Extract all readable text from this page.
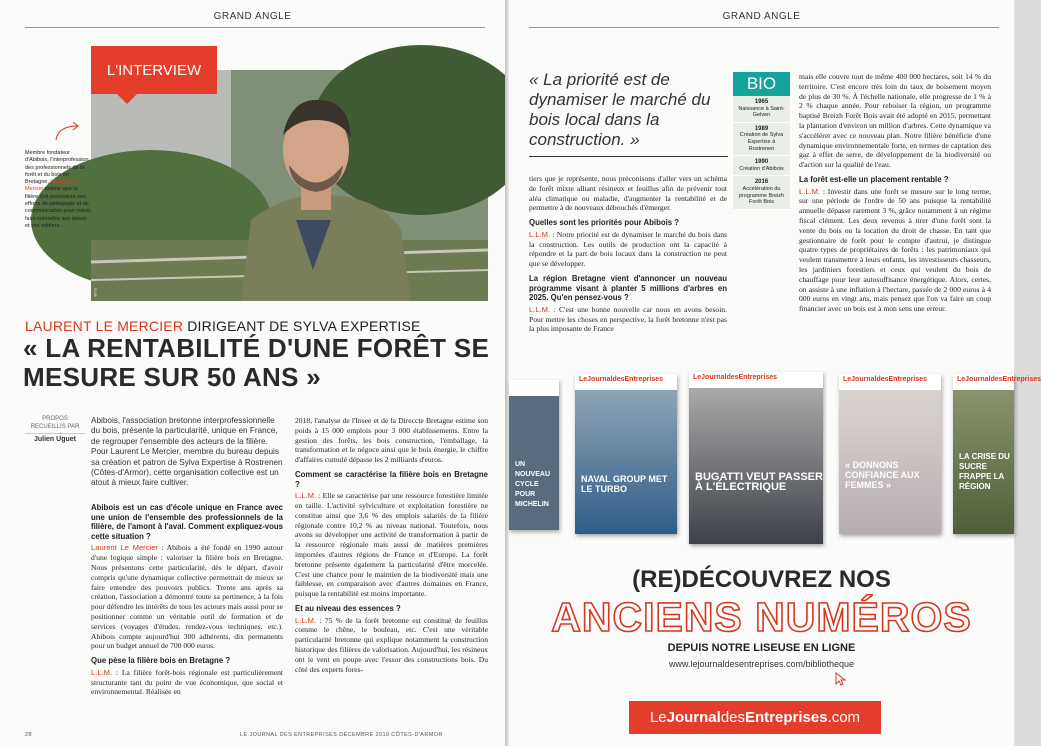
GRAND ANGLE
S.LB
L'INTERVIEW
Membre fondateur d'Abibois, l'interprofession des professionnels de la forêt et du bois en Bretagne, Laurent Le Mercier estime que la filière doit poursuivre ses efforts de pédagogie et de communication pour mieux faire connaître ses atouts et ses métiers.
LAURENT LE MERCIER DIRIGEANT DE SYLVA EXPERTISE
« LA RENTABILITÉ D'UNE FORÊT SE MESURE SUR 50 ANS »
PROPOS RECUEILLIS PAR
Julien Uguet
Abibois, l'association bretonne interprofessionnelle du bois, présente la particularité, unique en France, de regrouper l'ensemble des acteurs de la filière. Pour Laurent Le Mercier, membre du bureau depuis sa création et patron de Sylva Expertise à Rostrenen (Côtes-d'Armor), cette organisation collective est un atout à mieux faire cultiver.
Abibois est un cas d'école unique en France avec une union de l'ensemble des professionnels de la filière, de l'amont à l'aval. Comment expliquez-vous cette situation ?

Laurent Le Mercier : Abibois a été fondé en 1990 autour d'une logique simple : valoriser la filière bois en Bretagne. Nous présentons cette particularité, dès le départ, d'avoir compris qu'une dynamique collective permettrait de mieux se faire entendre des pouvoirs publics. Trente ans après sa création, l'association a démontré toute sa pertinence, à la fois pour défendre les intérêts de tous les acteurs mais aussi pour se positionner comme un véritable outil de formation et de services (voyages d'études, rendez-vous techniques, etc.). Abibois compte aujourd'hui 300 adhérents, dix permanents pour un budget annuel de 700 000 euros.

Que pèse la filière bois en Bretagne ?

L.L.M. : La filière forêt-bois régionale est particulièrement structurante tant du point de vue économique, que social et environnemental. Réalisée en

2018, l'analyse de l'Insee et de la Direccte Bretagne estime son poids à 15 000 emplois pour 3 000 établissements. Entre la gestion des forêts, les bois construction, l'emballage, la transformation et le négoce ainsi que le bois énergie, le chiffre d'affaires cumulé dépasse les 2 milliards d'euros.

Comment se caractérise la filière bois en Bretagne ?

L.L.M. : Elle se caractérise par une ressource forestière limitée en taille. L'activité sylviculture et exploitation forestière ne constitue ainsi que 3,6 % des emplois salariés de la filière régionale contre 10,2 % au niveau national. Toutefois, nous avons su développer une activité de transformation à partir de la ressource régionale mais aussi de matières premières importées d'autres régions de France et d'Europe. La forêt bretonne présente également la particularité d'être morcelée. C'est une chance pour le maintien de la biodiversité mais une faiblesse, en comparaison avec d'autres domaines en France, puisque la rentabilité est moins importante.

Et au niveau des essences ?

L.L.M. : 75 % de la forêt bretonne est constitué de feuillus comme le chêne, le bouleau, etc. C'est une véritable particularité bretonne qui explique notamment la construction historique des filières de valorisation. Aujourd'hui, les résineux ont le vent en poupe avec l'essor des constructions bois. Du côté des experts fores-

28	LE JOURNAL DES ENTREPRISES DÉCEMBRE 2019 CÔTES-D'ARMOR
GRAND ANGLE
« La priorité est de dynamiser le marché du bois local dans la construction. »
BIO
1965
Naissance à Saint-Gelven
1989
Création de Sylva Expertise à Rostrenen
1990
Création d'Abibois
2016
Accélération du programme Breizh Forêt Bois

tiers que je représente, nous préconisons d'aller vers un schéma de forêt mixte alliant résineux et feuillus afin de prévenir tout aléa climatique ou maladie, d'augmenter la rentabilité et de permettre à de nouveaux débouchés d'émerger.

Quelles sont les priorités pour Abibois ?

L.L.M. : Notre priorité est de dynamiser le marché du bois dans la construction. Les outils de production ont la capacité à répondre et la part de bois locaux dans la construction ne peut que se développer.

La région Bretagne vient d'annoncer un nouveau programme visant à planter 5 millions d'arbres en 2025. Qu'en pensez-vous ?

L.L.M. : C'est une bonne nouvelle car nous en avons besoin. Pour mettre les choses en perspective, la forêt bretonne n'est pas la plus imposante de France

mais elle couvre tout de même 400 000 hectares, soit 14 % du territoire. C'est encore très loin du taux de boisement moyen de plus de 30 %. À l'échelle nationale, elle progresse de 1 % à 2 % chaque année. Pour reboiser la région, un programme baptisé Breizh Forêt Bois avait été adopté en 2015, permettant la plantation d'environ un million d'arbres. Cette dynamique va s'accélérer avec ce nouveau plan. Notre filière bénéficie d'une dynamique environnementale forte, en termes de captation des gaz à effet de serre, de développement de la biodiversité ou d'action sur la qualité de l'eau.

La forêt est-elle un placement rentable ?

L.L.M. : Investir dans une forêt se mesure sur le long terme, sur une période de l'ordre de 50 ans puisque la rentabilité annuelle dépasse rarement 3 %, grâce notamment à un régime fiscal clément. Les deux revenus à tirer d'une forêt sont la vente du bois ou la location du droit de chasse. En tant que gestionnaire de forêt pour le compte d'autrui, je distingue quatre types de propriétaires de forêts : les patrimoniaux qui veulent transmettre à leurs enfants, les investisseurs chasseurs, les jardiniers forestiers et ceux qui veulent du bois de chauffage pour leur autosuffisance énergétique. Alors, certes, on assiste à une inflation à l'hectare, passée de 2 000 euros à 4 000 euros en vingt ans, mais pensez que l'on va faire un coup financier avec un bois est à mon sens une erreur.

UN NOUVEAU CYCLE POUR MICHELIN
LeJournaldesEntreprises
NAVAL GROUP MET LE TURBO
LeJournaldesEntreprises
BUGATTI VEUT PASSER À L'ÉLECTRIQUE
LeJournaldesEntreprises
« DONNONS CONFIANCE AUX FEMMES »
LeJournaldesEntreprises
LA CRISE DU SUCRE FRAPPE LA RÉGION
(RE)DÉCOUVREZ NOS
ANCIENS NUMÉROS
DEPUIS NOTRE LISEUSE EN LIGNE
www.lejournaldesentreprises.com/bibliotheque
Le Journal des Entreprises .com
